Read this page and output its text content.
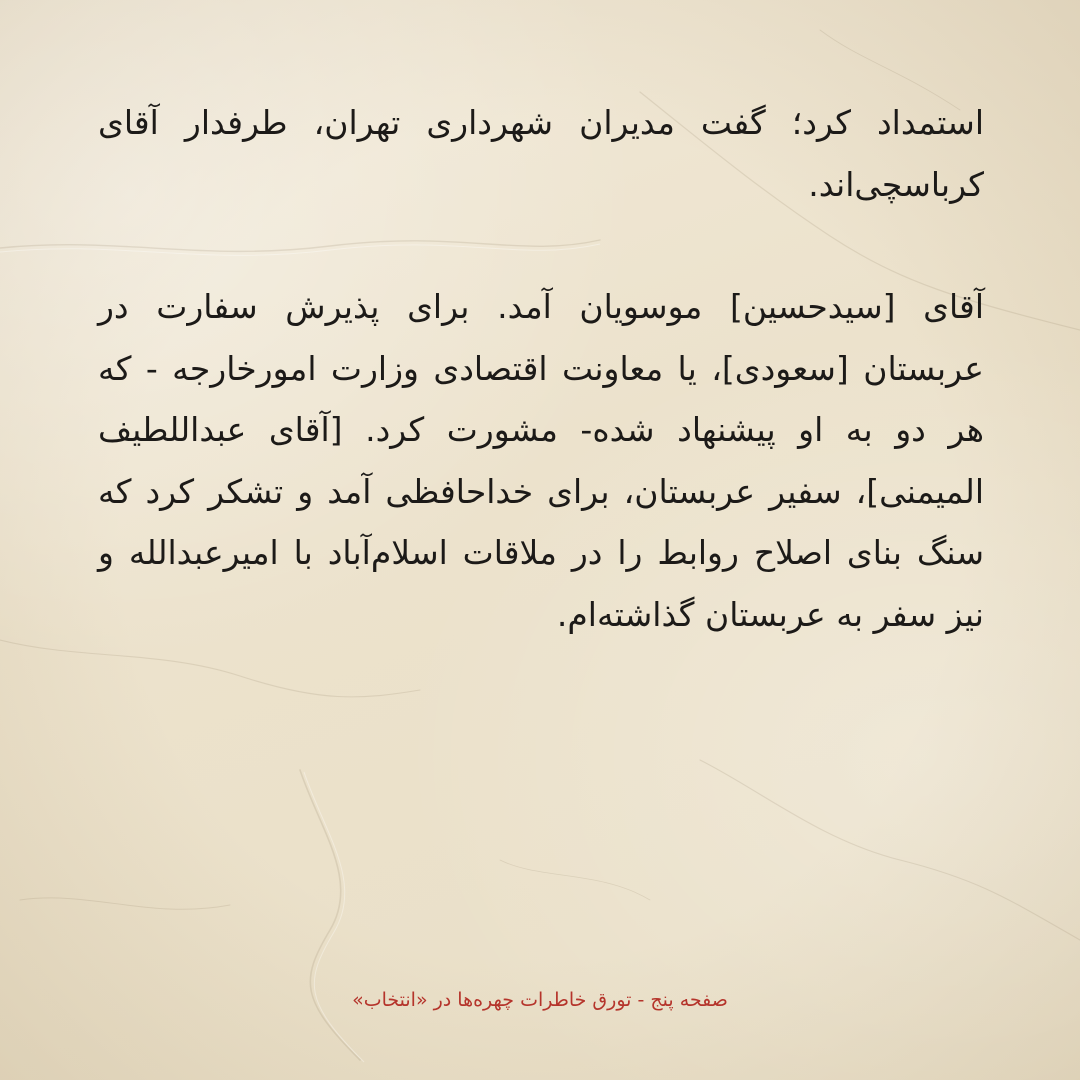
استمداد کرد؛ گفت مدیران شهرداری تهران، طرفدار آقای کرباسچی‌اند.

آقای [سیدحسین] موسویان آمد. برای پذیرش سفارت در عربستان [سعودی]، یا معاونت اقتصادی وزارت امورخارجه - که هر دو به او پیشنهاد شده- مشورت کرد. [آقای عبداللطیف المیمنی]، سفیر عربستان، برای خداحافظی آمد و تشکر کرد که سنگ بنای اصلاح روابط را در ملاقات اسلام‌آباد با امیرعبدالله و نیز سفر به عربستان گذاشته‌ام.

صفحه پنج - تورق خاطرات چهره‌ها در «انتخاب»
